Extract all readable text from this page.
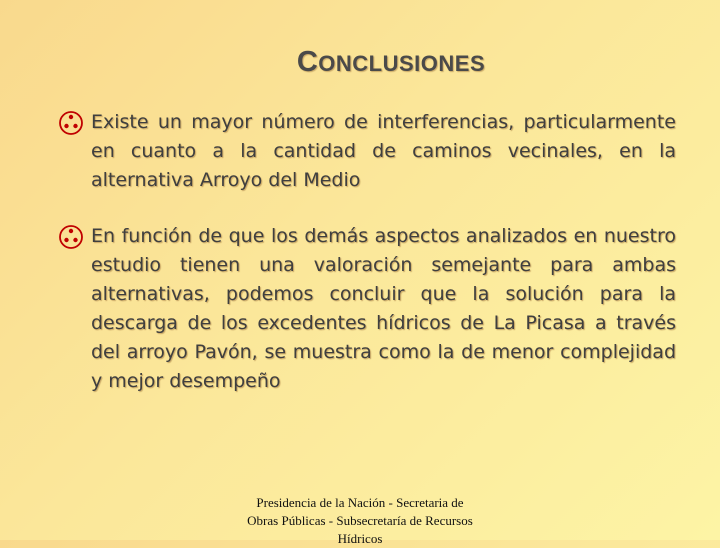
CONCLUSIONES

Existe un mayor número de interferencias, particularmente en cuanto a la cantidad de caminos vecinales, en la alternativa Arroyo del Medio

En función de que los demás aspectos analizados en nuestro estudio tienen una valoración semejante para ambas alternativas, podemos concluir que la solución para la descarga de los excedentes hídricos de La Picasa a través del arroyo Pavón, se muestra como la de menor complejidad y mejor desempeño

Presidencia de la Nación - Secretaria de Obras Públicas - Subsecretaría de Recursos Hídricos
